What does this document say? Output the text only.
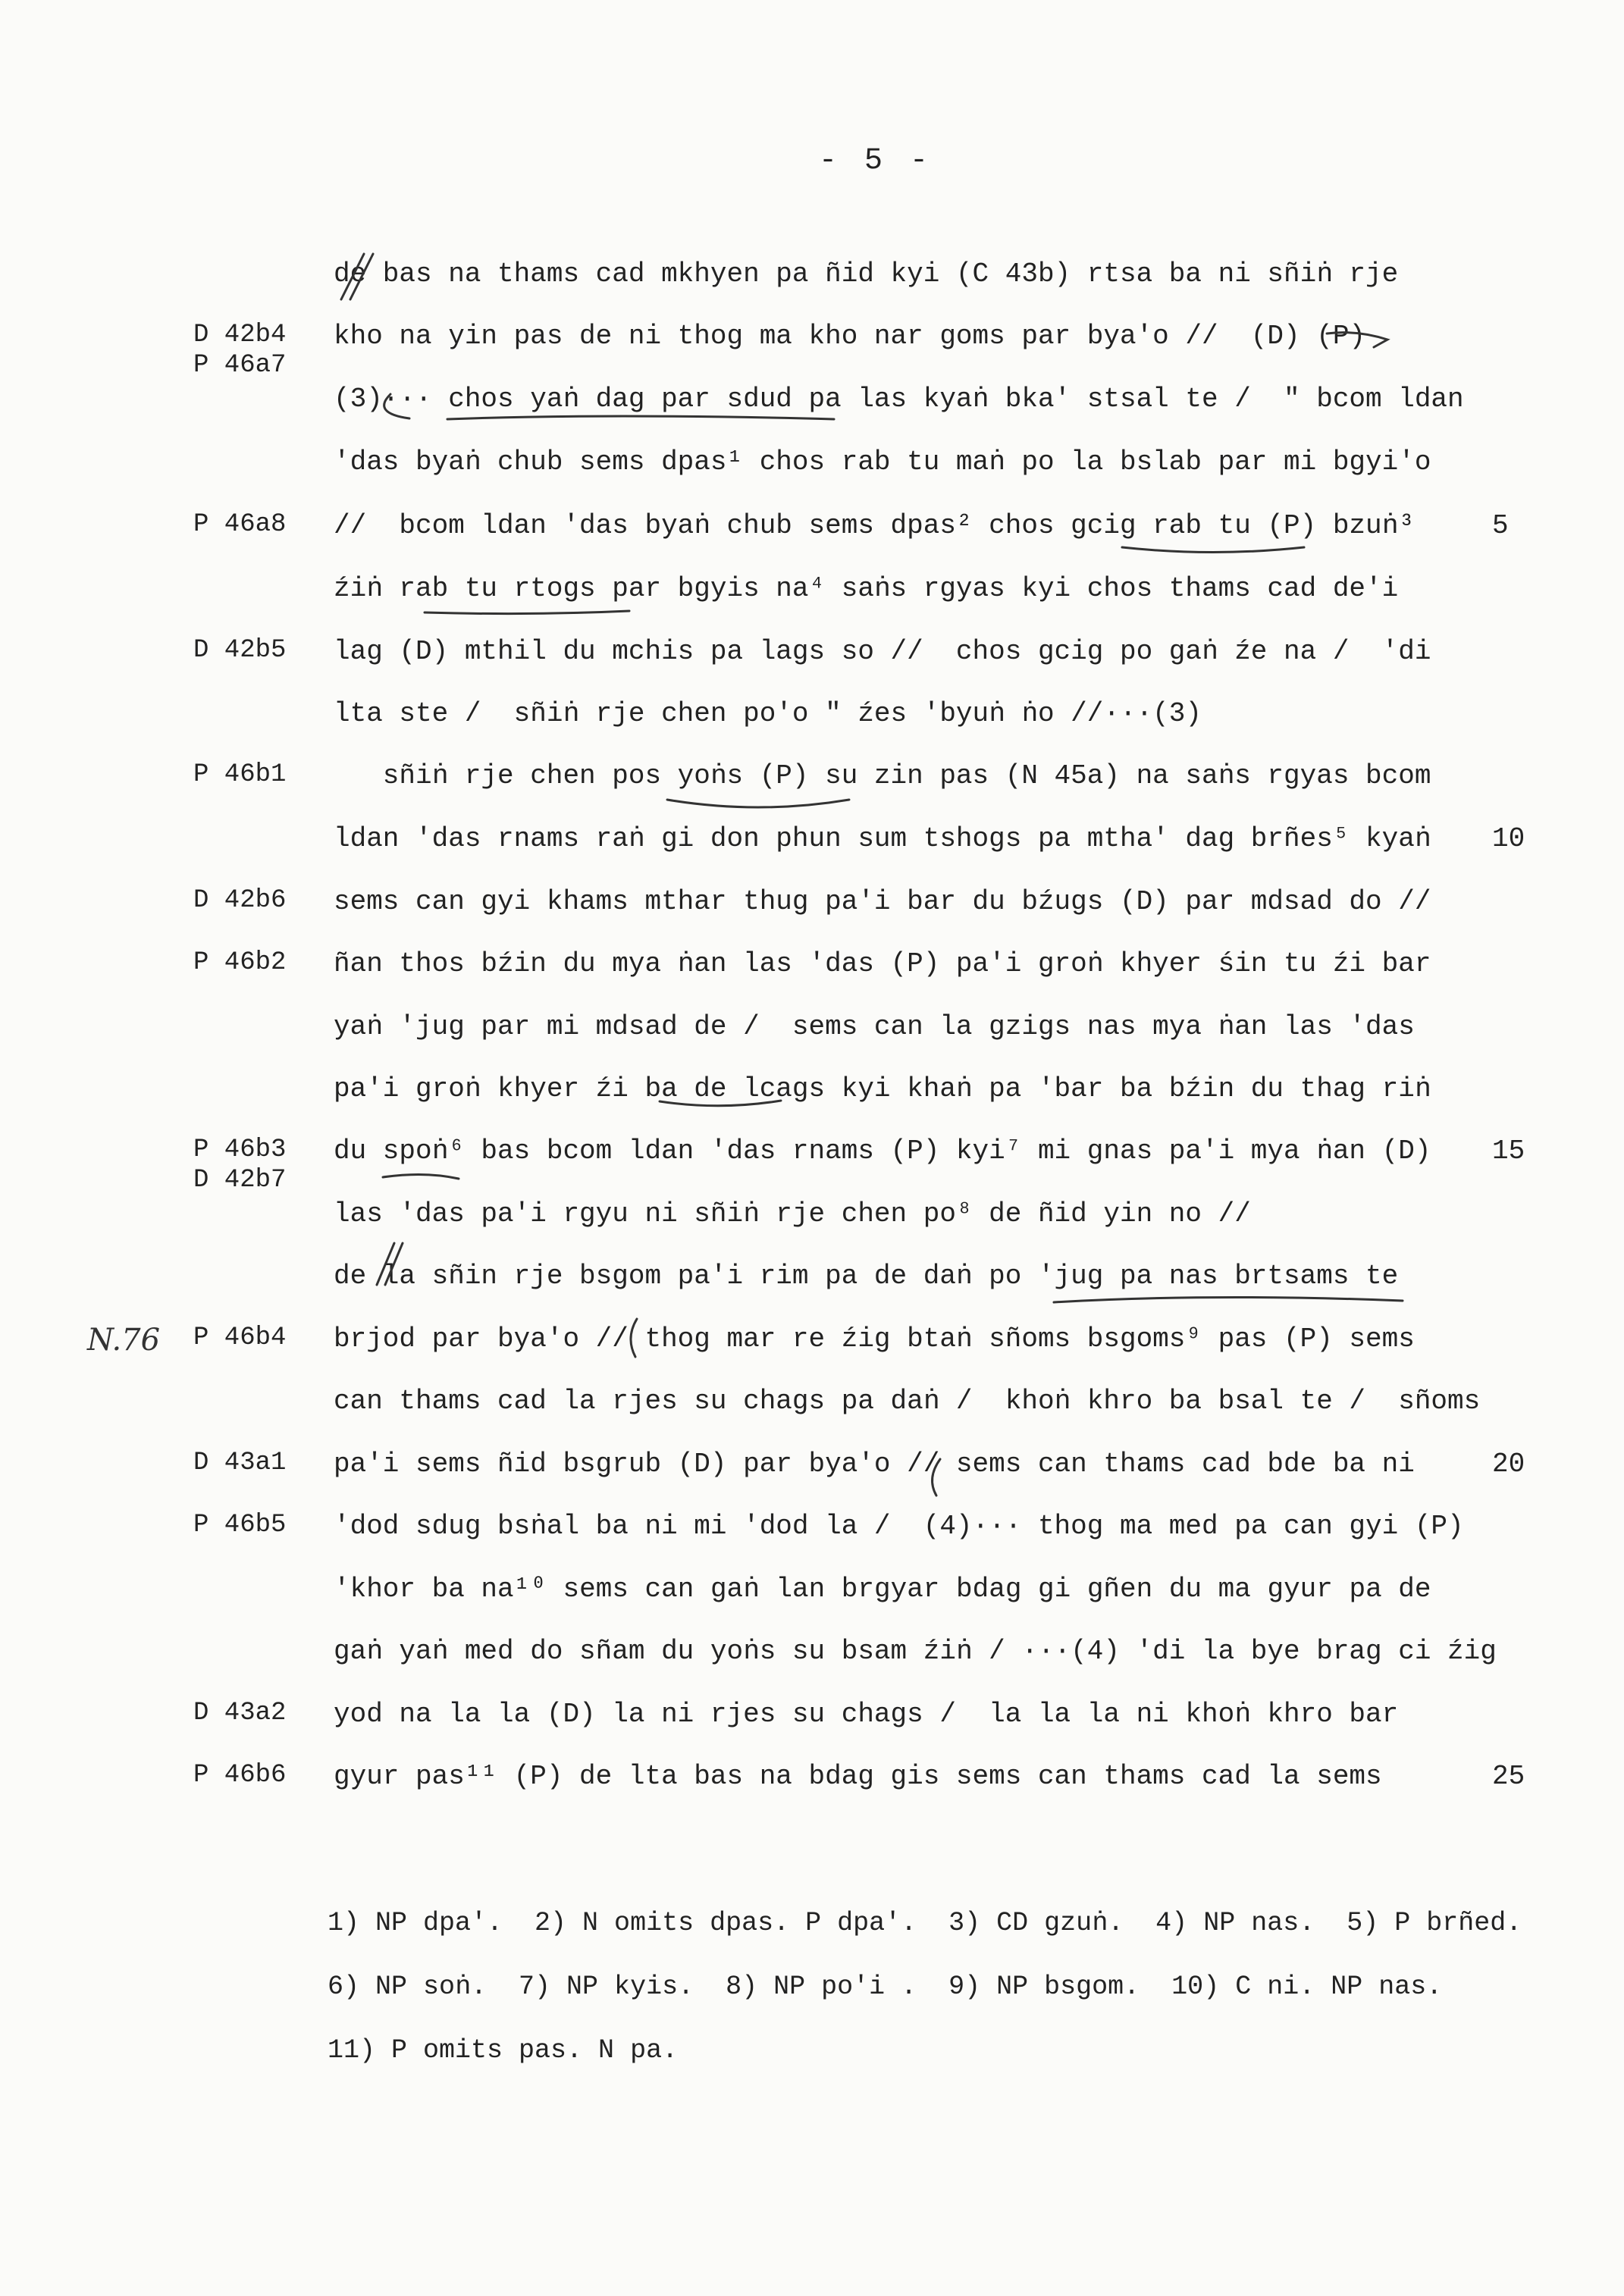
- 5 -
de bas na thams cad mkhyen pa ñid kyi (C 43b) rtsa ba ni sñiṅ rje
D 42b4
P 46a7
kho na yin pas de ni thog ma kho nar goms par bya'o //  (D) (P)
(3)··· chos yaṅ dag par sdud pa las kyaṅ bka' stsal te /  " bcom ldan
'das byaṅ chub sems dpas¹ chos rab tu maṅ po la bslab par mi bgyi'o
P 46a8 //  bcom ldan 'das byaṅ chub sems dpas² chos gcig rab tu (P) bzuṅ³	5
źiṅ rab tu rtogs par bgyis na⁴ saṅs rgyas kyi chos thams cad de'i
D 42b5 lag (D) mthil du mchis pa lags so //  chos gcig po gaṅ źe na /  'di
lta ste /  sñiṅ rje chen po'o " źes 'byuṅ ṅo //···(3)
P 46b1 sñiṅ rje chen pos yoṅs (P) su zin pas (N 45a) na saṅs rgyas bcom
ldan 'das rnams raṅ gi don phun sum tshogs pa mtha' dag brñes⁵ kyaṅ 10
D 42b6 sems can gyi khams mthar thug pa'i bar du bźugs (D) par mdsad do //
P 46b2 ñan thos bźin du mya ṅan las 'das (P) pa'i groṅ khyer śin tu źi bar
yaṅ 'jug par mi mdsad de /  sems can la gzigs nas mya ṅan las 'das
pa'i groṅ khyer źi ba de lcags kyi khaṅ pa 'bar ba bźin du thag riṅ
P 46b3
D 42b7
du spoṅ⁶ bas bcom ldan 'das rnams (P) kyi⁷ mi gnas pa'i mya ṅan (D) 15
las 'das pa'i rgyu ni sñiṅ rje chen po⁸ de ñid yin no //
de la sñin rje bsgom pa'i rim pa de daṅ po 'jug pa nas brtsams te
P 46b4 brjod par bya'o // thog mar re źig btaṅ sñoms bsgoms⁹ pas (P) sems
can thams cad la rjes su chags pa daṅ /  khoṅ khro ba bsal te /  sñoms
D 43a1 pa'i sems ñid bsgrub (D) par bya'o // sems can thams cad bde ba ni	20
P 46b5 'dod sdug bsṅal ba ni mi 'dod la /  (4)··· thog ma med pa can gyi (P)
'khor ba na¹⁰ sems can gaṅ lan brgyar bdag gi gñen du ma gyur pa de
gaṅ yaṅ med do sñam du yoṅs su bsam źiṅ / ···(4) 'di la bye brag ci źig
D 43a2 yod na la la (D) la ni rjes su chags /  la la la ni khoṅ khro bar
P 46b6 gyur pas¹¹ (P) de lta bas na bdag gis sems can thams cad la sems	25
N.76
1) NP dpa'.  2) N omits dpas. P dpa'.  3) CD gzuṅ.  4) NP nas.  5) P brñed.
6) NP soṅ.  7) NP kyis.  8) NP po'i .  9) NP bsgom.  10) C ni. NP nas.
11) P omits pas. N pa.
